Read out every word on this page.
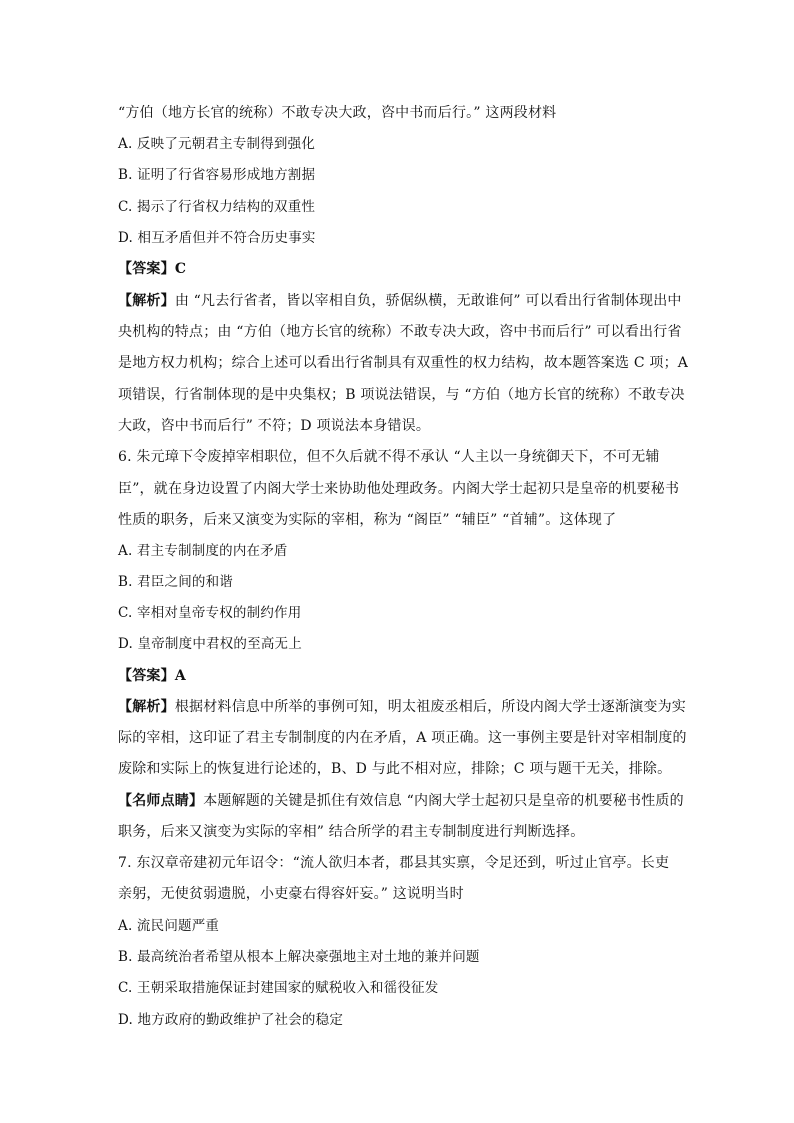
“方伯（地方长官的统称）不敢专决大政，咨中书而后行。” 这两段材料
A. 反映了元朝君主专制得到强化
B. 证明了行省容易形成地方割据
C. 揭示了行省权力结构的双重性
D. 相互矛盾但并不符合历史事实
【答案】C
【解析】由 “凡去行省者，皆以宰相自负，骄倨纵横，无敢谁何” 可以看出行省制体现出中
央机构的特点；由 “方伯（地方长官的统称）不敢专决大政，咨中书而后行” 可以看出行省
是地方权力机构；综合上述可以看出行省制具有双重性的权力结构，故本题答案选 C 项；A
项错误，行省制体现的是中央集权；B 项说法错误，与 “方伯（地方长官的统称）不敢专决
大政，咨中书而后行” 不符；D 项说法本身错误。
6. 朱元璋下令废掉宰相职位，但不久后就不得不承认 “人主以一身统御天下，不可无辅
臣”，就在身边设置了内阁大学士来协助他处理政务。内阁大学士起初只是皇帝的机要秘书
性质的职务，后来又演变为实际的宰相，称为 “阁臣” “辅臣” “首辅”。这体现了
A. 君主专制制度的内在矛盾
B. 君臣之间的和谐
C. 宰相对皇帝专权的制约作用
D. 皇帝制度中君权的至高无上
【答案】A
【解析】根据材料信息中所举的事例可知，明太祖废丞相后，所设内阁大学士逐渐演变为实
际的宰相，这印证了君主专制制度的内在矛盾，A 项正确。这一事例主要是针对宰相制度的
废除和实际上的恢复进行论述的，B、D 与此不相对应，排除；C 项与题干无关，排除。
【名师点睛】本题解题的关键是抓住有效信息 “内阁大学士起初只是皇帝的机要秘书性质的
职务，后来又演变为实际的宰相” 结合所学的君主专制制度进行判断选择。
7. 东汉章帝建初元年诏令：“流人欲归本者，郡县其实禀，令足还到，听过止官亭。长吏
亲躬，无使贫弱遗脱，小吏豪右得容奸妄。” 这说明当时
A. 流民问题严重
B. 最高统治者希望从根本上解决豪强地主对土地的兼并问题
C. 王朝采取措施保证封建国家的赋税收入和徭役征发
D. 地方政府的勤政维护了社会的稳定
